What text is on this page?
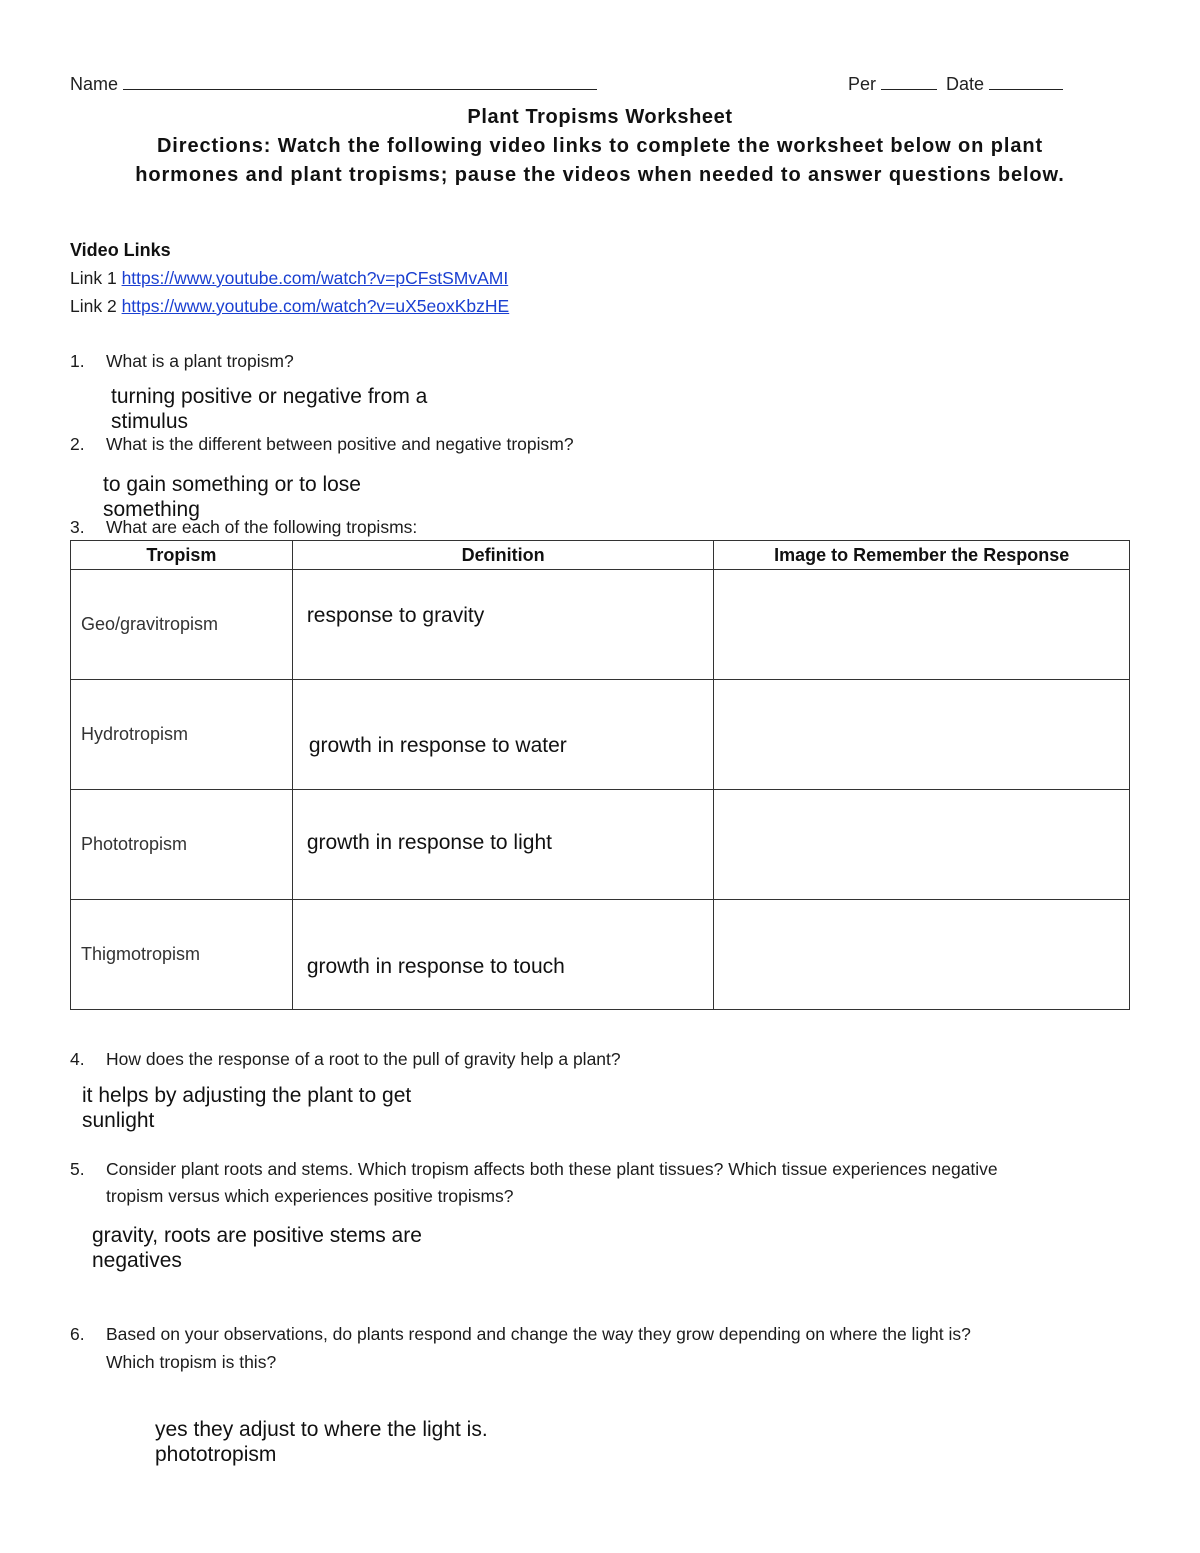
Name	Per	Date
Plant Tropisms Worksheet
Directions: Watch the following video links to complete the worksheet below on plant
hormones and plant tropisms; pause the videos when needed to answer questions below.
Video Links
Link 1 https://www.youtube.com/watch?v=pCFstSMvAMI
Link 2 https://www.youtube.com/watch?v=uX5eoxKbzHE
1. What is a plant tropism?
turning positive or negative from a stimulus
2. What is the different between positive and negative tropism?
to gain something or to lose something
3. What are each of the following tropisms:
Tropism	Definition	Image to Remember the Response

Geo/gravitropism	response to gravity	

Hydrotropism	growth in response to water	

Phototropism	growth in response to light	

Thigmotropism	growth in response to touch	

4. How does the response of a root to the pull of gravity help a plant?
it helps by adjusting the plant to get sunlight
5. Consider plant roots and stems. Which tropism affects both these plant tissues? Which tissue experiences negative
tropism versus which experiences positive tropisms?
gravity, roots are positive stems are negatives
6. Based on your observations, do plants respond and change the way they grow depending on where the light is?
Which tropism is this?
yes they adjust to where the light is. phototropism
